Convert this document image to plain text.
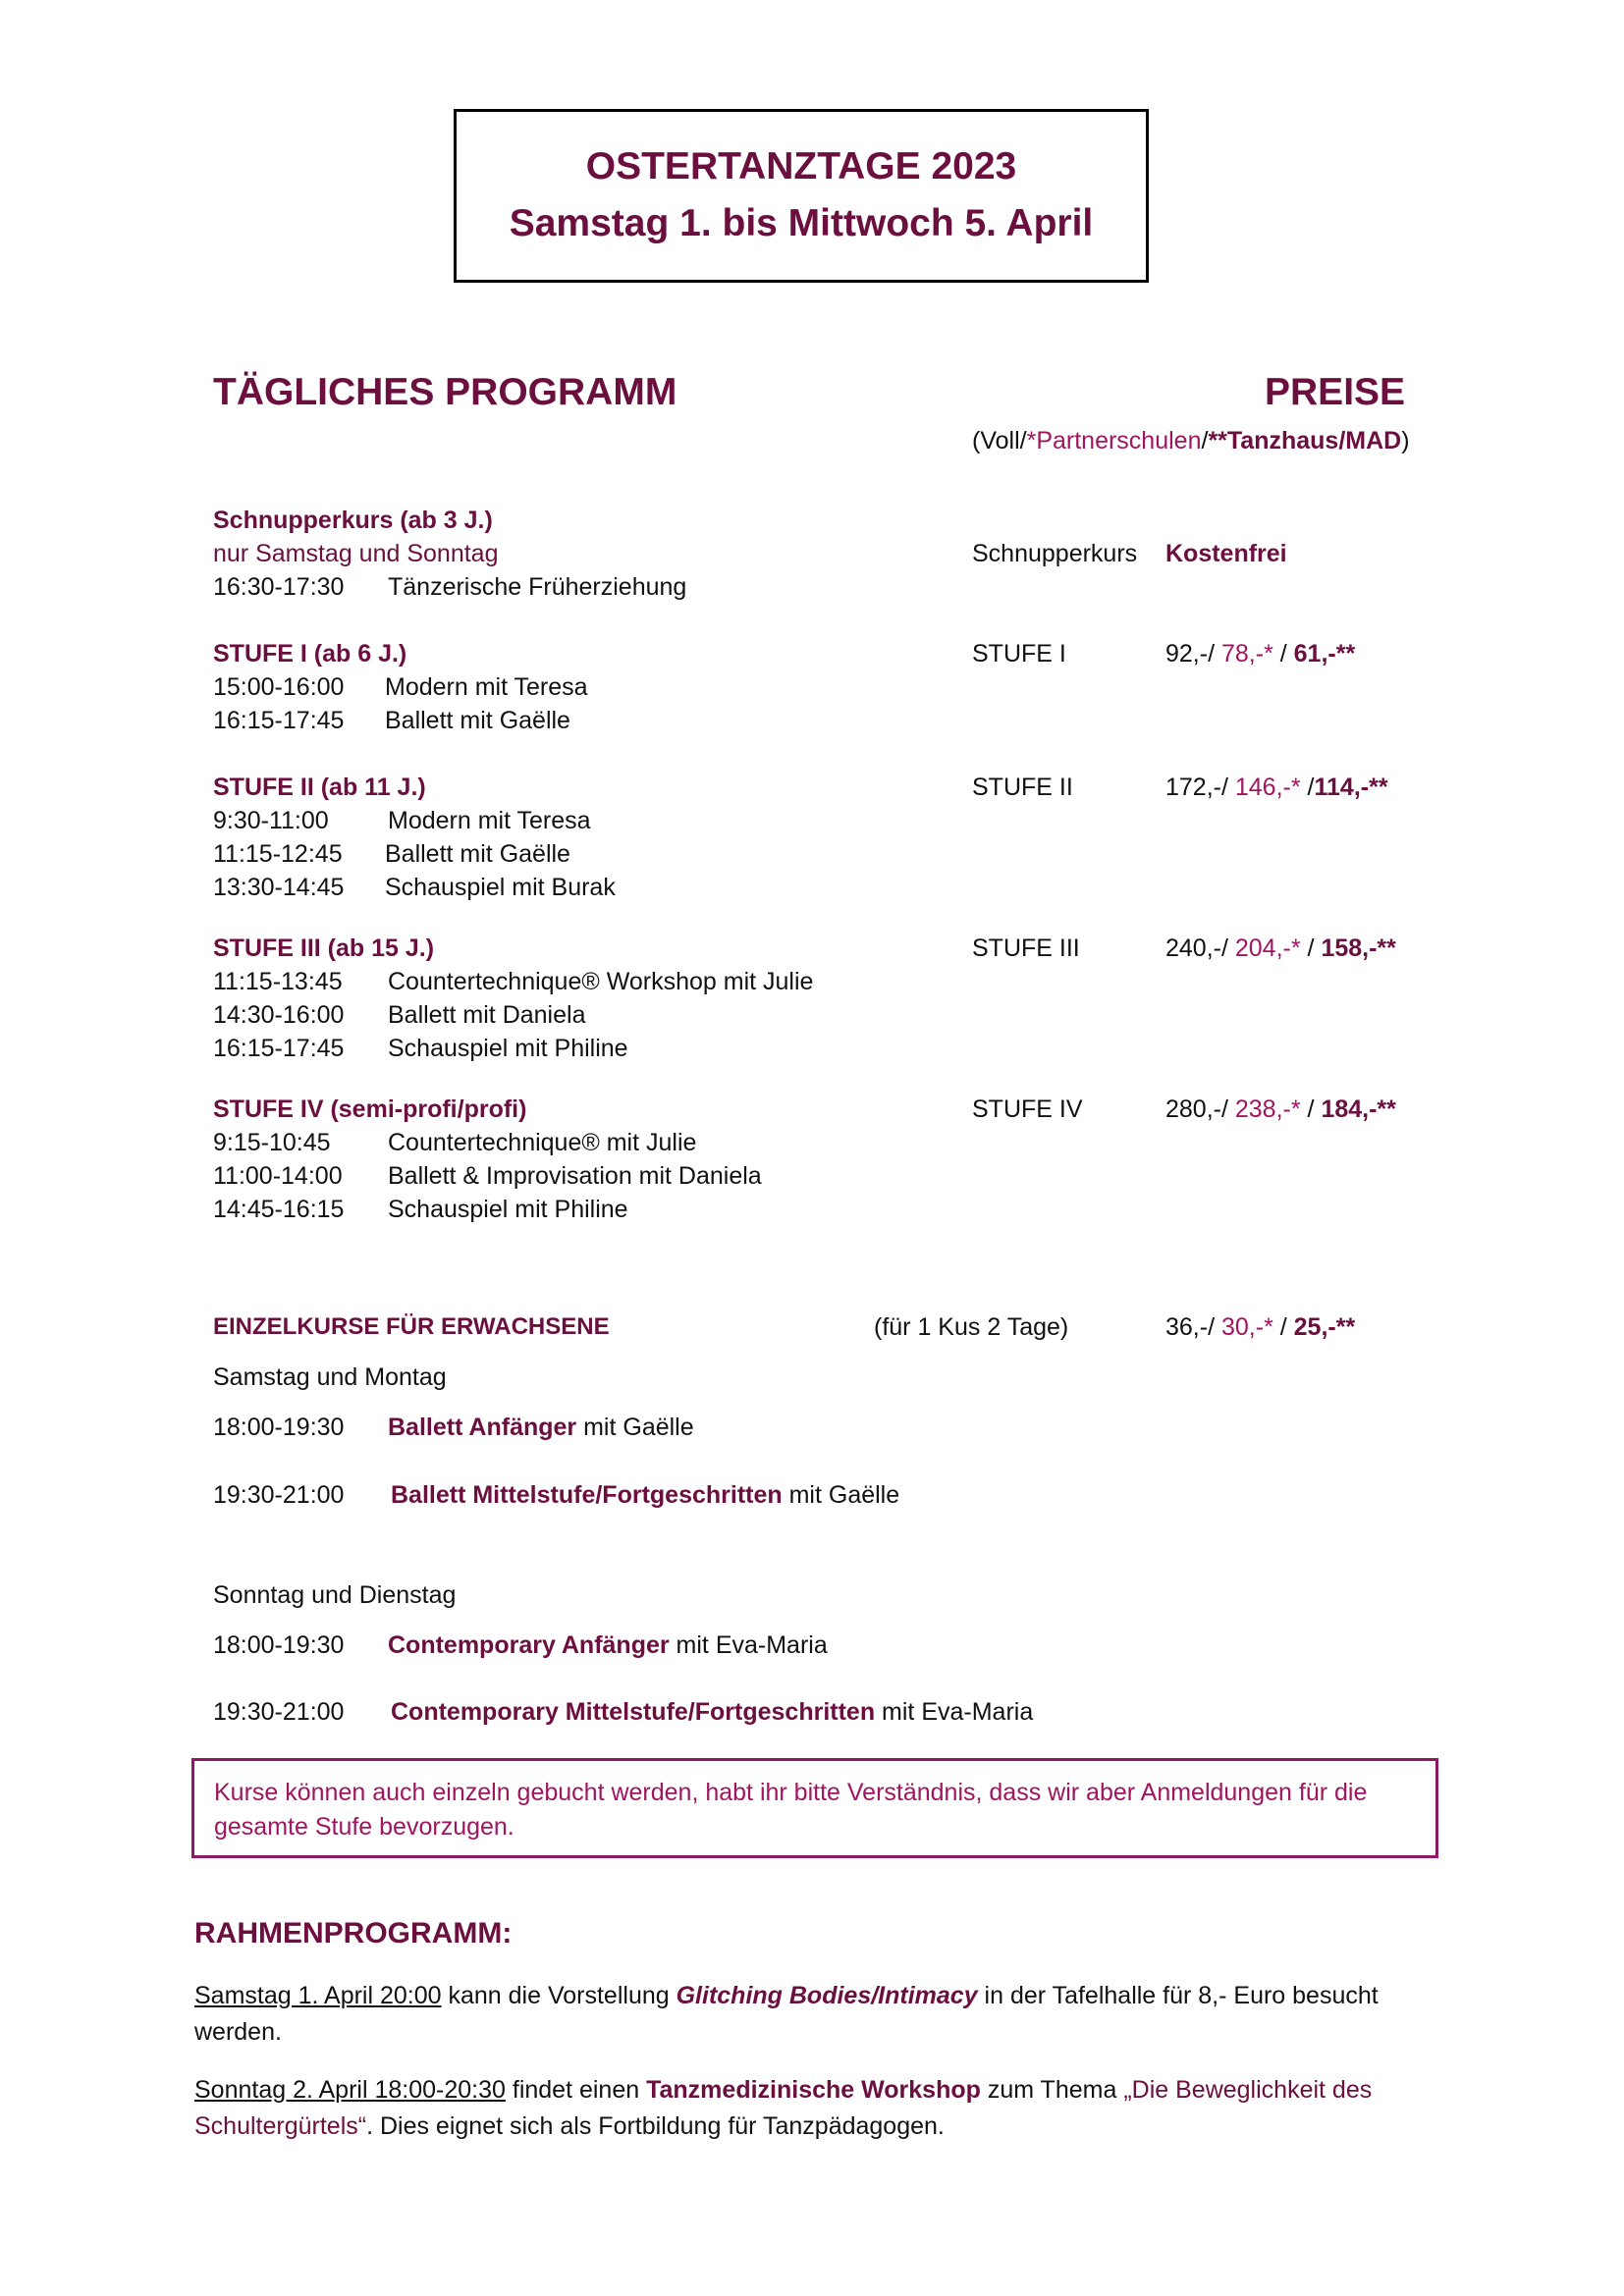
OSTERTANZTAGE 2023
Samstag 1. bis Mittwoch 5. April
TÄGLICHES PROGRAMM	PREISE
(Voll/*Partnerschulen/**Tanzhaus/MAD)
Schnupperkurs (ab 3 J.)
nur Samstag und Sonntag
16:30-17:30 Tänzerische Früherziehung
Schnupperkurs Kostenfrei
STUFE I (ab 6 J.)	STUFE I	92,-/ 78,-* / 61,-**
15:00-16:00 Modern mit Teresa
16:15-17:45 Ballett mit Gaëlle
STUFE II (ab 11 J.)	STUFE II	172,-/ 146,-* /114,-**
9:30-11:00 Modern mit Teresa
11:15-12:45 Ballett mit Gaëlle
13:30-14:45 Schauspiel mit Burak
STUFE III (ab 15 J.)	STUFE III	240,-/ 204,-* / 158,-**
11:15-13:45 Countertechnique® Workshop mit Julie
14:30-16:00 Ballett mit Daniela
16:15-17:45 Schauspiel mit Philine
STUFE IV (semi-profi/profi)	STUFE IV	280,-/ 238,-* / 184,-**
9:15-10:45 Countertechnique® mit Julie
11:00-14:00 Ballett & Improvisation mit Daniela
14:45-16:15 Schauspiel mit Philine
EINZELKURSE FÜR ERWACHSENE	(für 1 Kus 2 Tage)	36,-/ 30,-* / 25,-**
Samstag und Montag
18:00-19:30 Ballett Anfänger mit Gaëlle
19:30-21:00 Ballett Mittelstufe/Fortgeschritten mit Gaëlle
Sonntag und Dienstag
18:00-19:30 Contemporary Anfänger mit Eva-Maria
19:30-21:00 Contemporary Mittelstufe/Fortgeschritten mit Eva-Maria
Kurse können auch einzeln gebucht werden, habt ihr bitte Verständnis, dass wir aber Anmeldungen für die gesamte Stufe bevorzugen.
RAHMENPROGRAMM:
Samstag 1. April 20:00 kann die Vorstellung Glitching Bodies/Intimacy in der Tafelhalle für 8,- Euro besucht werden.
Sonntag 2. April 18:00-20:30 findet einen Tanzmedizinische Workshop zum Thema „Die Beweglichkeit des Schultergürtels“. Dies eignet sich als Fortbildung für Tanzpädagogen.
